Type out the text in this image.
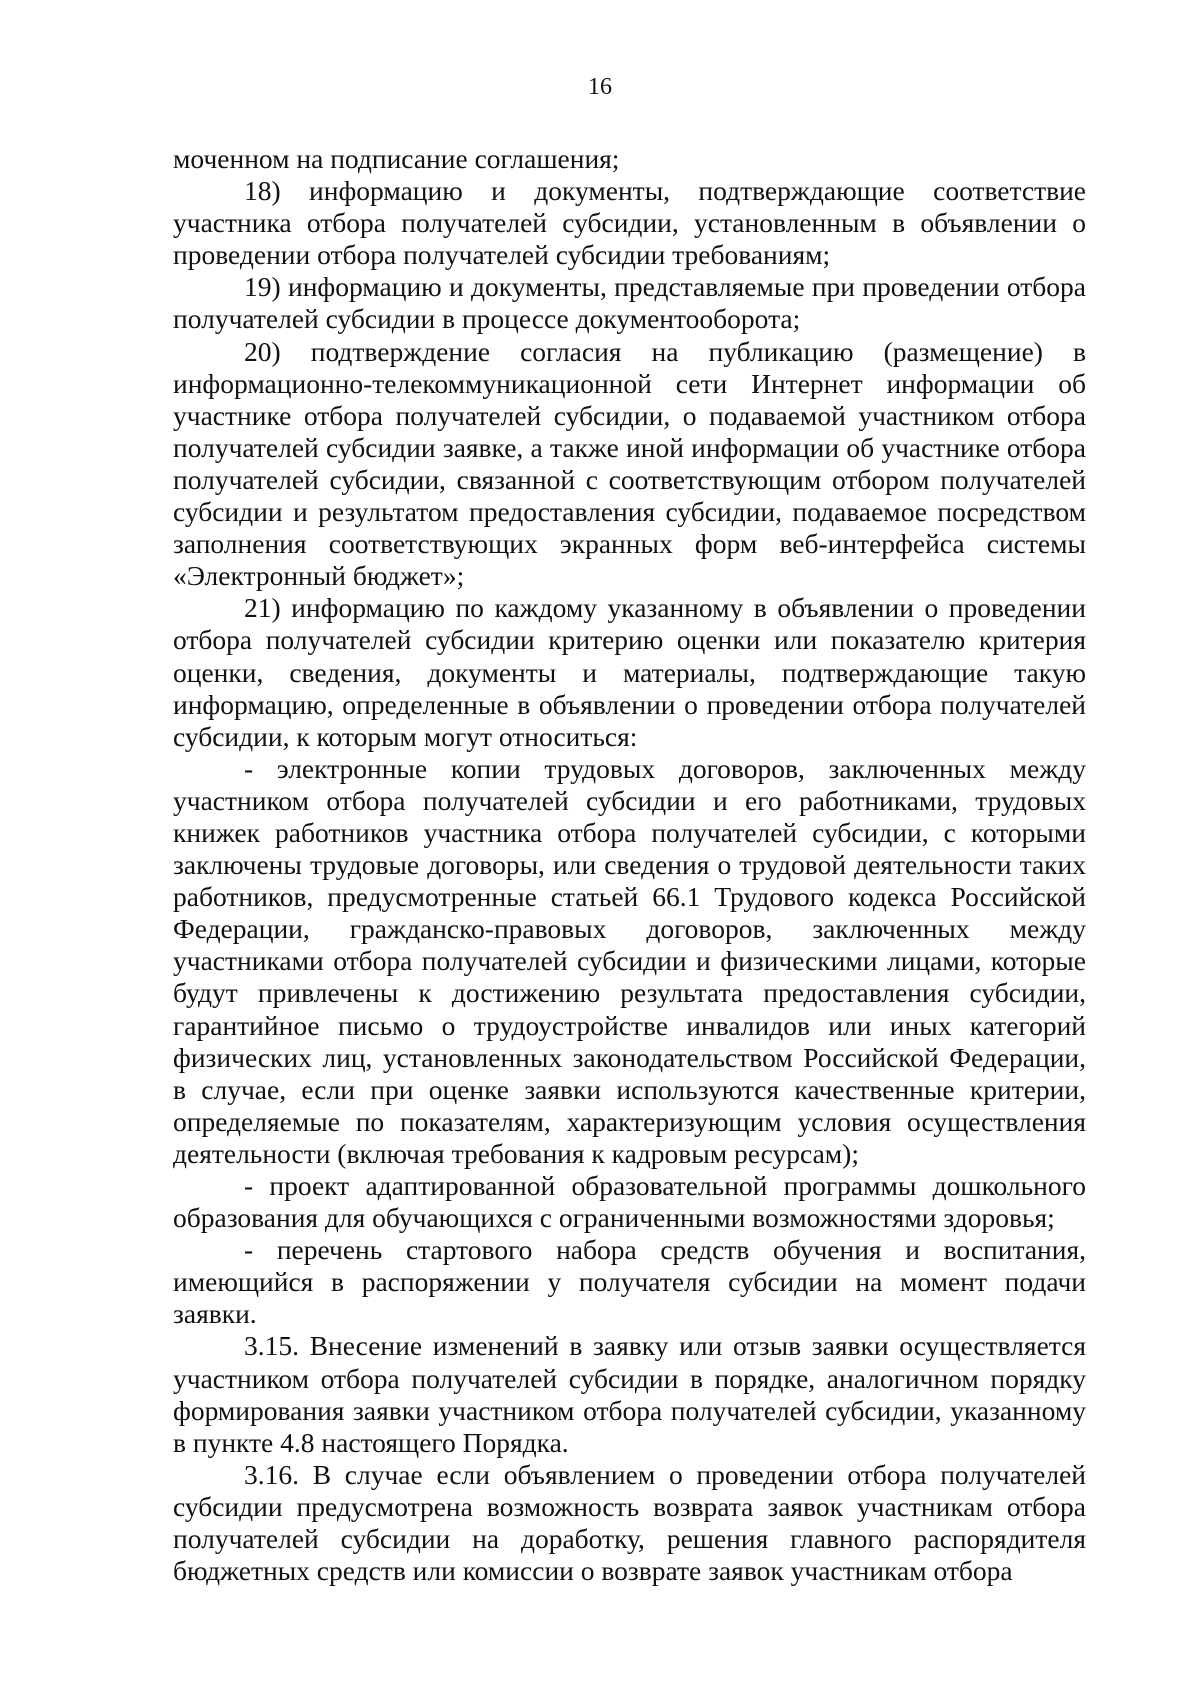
16

моченном на подписание соглашения;

18) информацию и документы, подтверждающие соответствие участника отбора получателей субсидии, установленным в объявлении о проведении отбора получателей субсидии требованиям;

19) информацию и документы, представляемые при проведении отбора получателей субсидии в процессе документооборота;

20) подтверждение согласия на публикацию (размещение) в информационно-телекоммуникационной сети Интернет информации об участнике отбора получателей субсидии, о подаваемой участником отбора получателей субсидии заявке, а также иной информации об участнике отбора получателей субсидии, связанной с соответствующим отбором получателей субсидии и результатом предоставления субсидии, подаваемое посредством заполнения соответствующих экранных форм веб-интерфейса системы «Электронный бюджет»;

21) информацию по каждому указанному в объявлении о проведении отбора получателей субсидии критерию оценки или показателю критерия оценки, сведения, документы и материалы, подтверждающие такую информацию, определенные в объявлении о проведении отбора получателей субсидии, к которым могут относиться:

- электронные копии трудовых договоров, заключенных между участником отбора получателей субсидии и его работниками, трудовых книжек работников участника отбора получателей субсидии, с которыми заключены трудовые договоры, или сведения о трудовой деятельности таких работников, предусмотренные статьей 66.1 Трудового кодекса Российской Федерации, гражданско-правовых договоров, заключенных между участниками отбора получателей субсидии и физическими лицами, которые будут привлечены к достижению результата предоставления субсидии, гарантийное письмо о трудоустройстве инвалидов или иных категорий физических лиц, установленных законодательством Российской Федерации, в случае, если при оценке заявки используются качественные критерии, определяемые по показателям, характеризующим условия осуществления деятельности (включая требования к кадровым ресурсам);

- проект адаптированной образовательной программы дошкольного образования для обучающихся с ограниченными возможностями здоровья;

- перечень стартового набора средств обучения и воспитания, имеющийся в распоряжении у получателя субсидии на момент подачи заявки.

3.15. Внесение изменений в заявку или отзыв заявки осуществляется участником отбора получателей субсидии в порядке, аналогичном порядку формирования заявки участником отбора получателей субсидии, указанному в пункте 4.8 настоящего Порядка.

3.16. В случае если объявлением о проведении отбора получателей субсидии предусмотрена возможность возврата заявок участникам отбора получателей субсидии на доработку, решения главного распорядителя бюджетных средств или комиссии о возврате заявок участникам отбора
